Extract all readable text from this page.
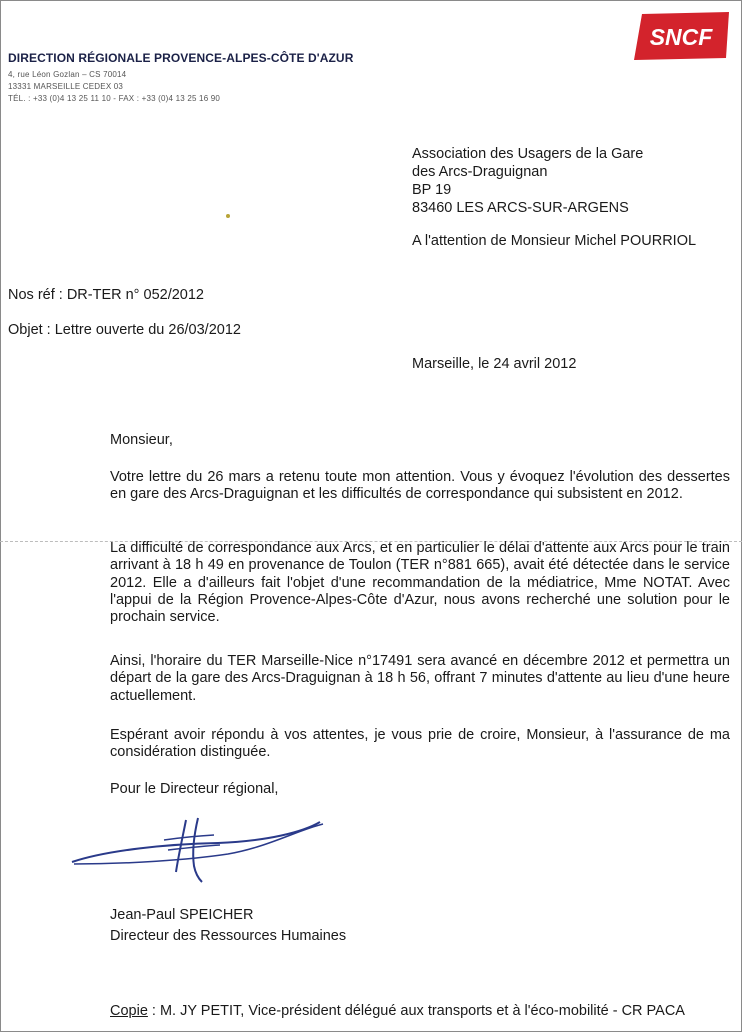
SNCF
DIRECTION RÉGIONALE PROVENCE-ALPES-CÔTE D'AZUR
4, rue Léon Gozlan – CS 70014
13331 MARSEILLE CEDEX 03
TÉL. : +33 (0)4 13 25 11 10 - FAX : +33 (0)4 13 25 16 90
Association des Usagers de la Gare
des Arcs-Draguignan
BP 19
83460 LES ARCS-SUR-ARGENS
A l'attention de Monsieur Michel POURRIOL
Nos réf : DR-TER n° 052/2012
Objet : Lettre ouverte du 26/03/2012
Marseille, le 24 avril 2012
Monsieur,
Votre lettre du 26 mars a retenu toute mon attention. Vous y évoquez l'évolution des dessertes en gare des Arcs-Draguignan et les difficultés de correspondance qui subsistent en 2012.
La difficulté de correspondance aux Arcs, et en particulier le délai d'attente aux Arcs pour le train arrivant à 18 h 49 en provenance de Toulon (TER n°881 665), avait été détectée dans le service 2012. Elle a d'ailleurs fait l'objet d'une recommandation de la médiatrice, Mme NOTAT. Avec l'appui de la Région Provence-Alpes-Côte d'Azur, nous avons recherché une solution pour le prochain service.
Ainsi, l'horaire du TER Marseille-Nice n°17491 sera avancé en décembre 2012 et permettra un départ de la gare des Arcs-Draguignan à 18 h 56, offrant 7 minutes d'attente au lieu d'une heure actuellement.
Espérant avoir répondu à vos attentes, je vous prie de croire, Monsieur, à l'assurance de ma considération distinguée.
Pour le Directeur régional,
Jean-Paul SPEICHER
Directeur des Ressources Humaines
Copie : M. JY PETIT, Vice-président délégué aux transports et à l'éco-mobilité - CR PACA
